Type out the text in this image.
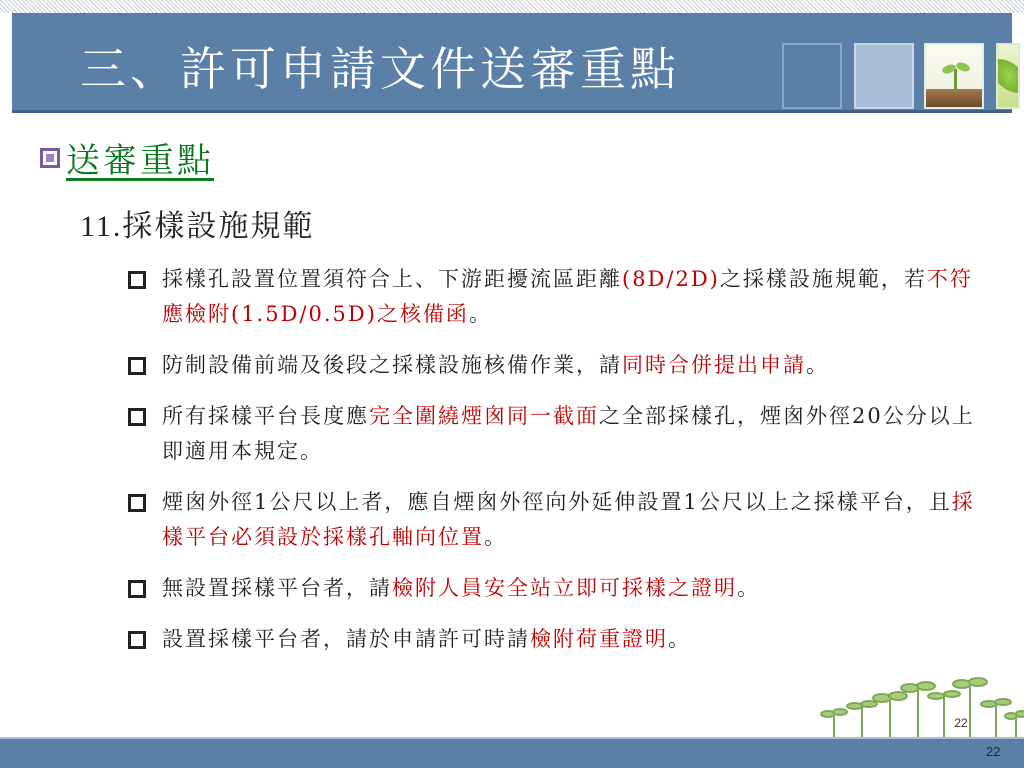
三、許可申請文件送審重點
送審重點
11.採樣設施規範
採樣孔設置位置須符合上、下游距擾流區距離(8D/2D)之採樣設施規範，若不符應檢附(1.5D/0.5D)之核備函。
防制設備前端及後段之採樣設施核備作業，請同時合併提出申請。
所有採樣平台長度應完全圍繞煙囪同一截面之全部採樣孔，煙囪外徑20公分以上即適用本規定。
煙囪外徑1公尺以上者，應自煙囪外徑向外延伸設置1公尺以上之採樣平台，且採樣平台必須設於採樣孔軸向位置。
無設置採樣平台者，請檢附人員安全站立即可採樣之證明。
設置採樣平台者，請於申請許可時請檢附荷重證明。
22
22
